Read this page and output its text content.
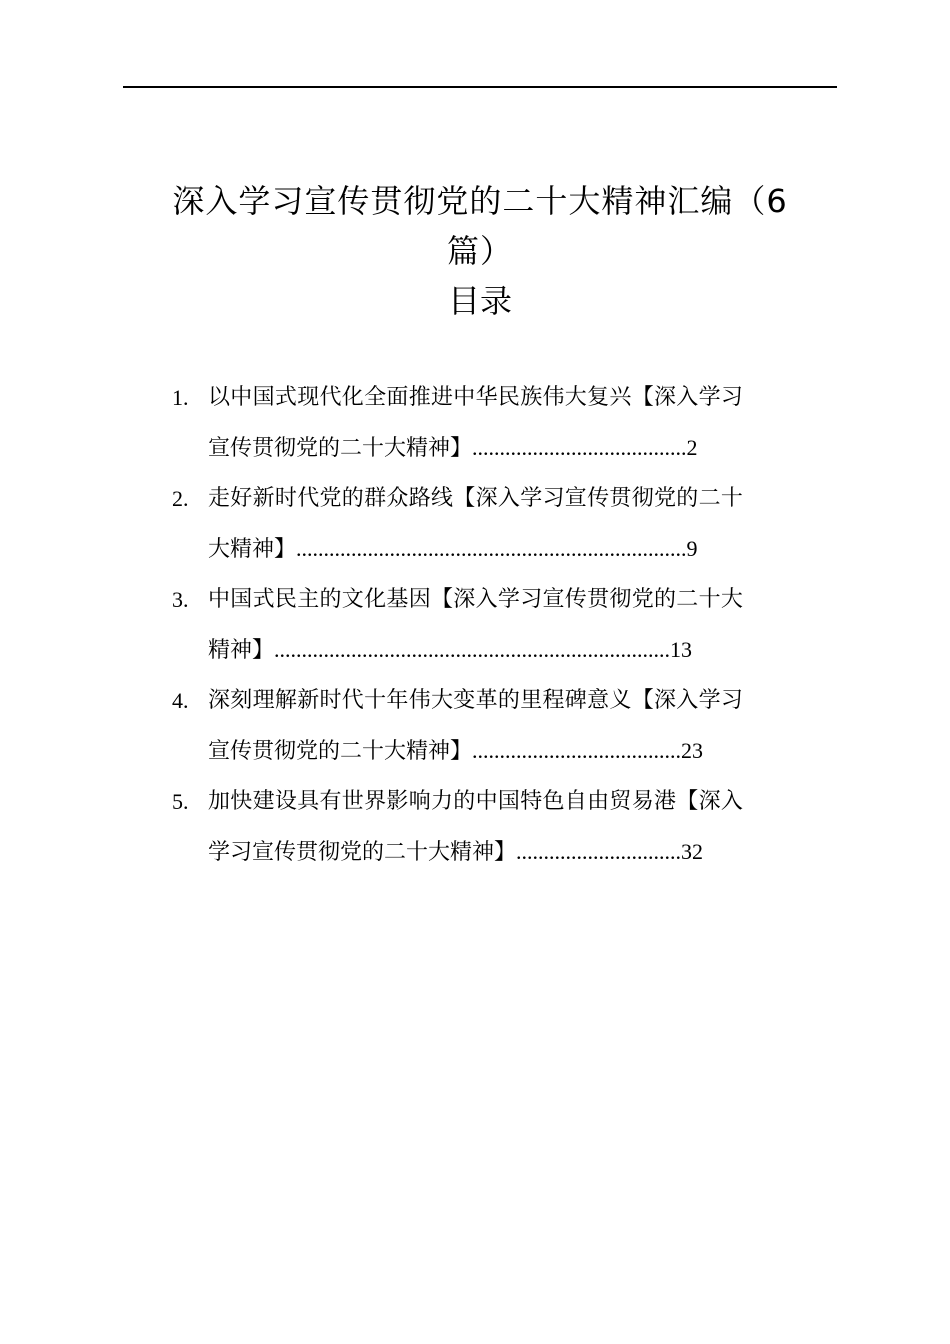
深入学习宣传贯彻党的二十大精神汇编（6
篇）
目录
1. 以中国式现代化全面推进中华民族伟大复兴【深入学习
宣传贯彻党的二十大精神】.......................................2
2. 走好新时代党的群众路线【深入学习宣传贯彻党的二十
大精神】.......................................................................9
3. 中国式民主的文化基因【深入学习宣传贯彻党的二十大
精神】........................................................................13
4. 深刻理解新时代十年伟大变革的里程碑意义【深入学习
宣传贯彻党的二十大精神】......................................23
5. 加快建设具有世界影响力的中国特色自由贸易港【深入
学习宣传贯彻党的二十大精神】..............................32
